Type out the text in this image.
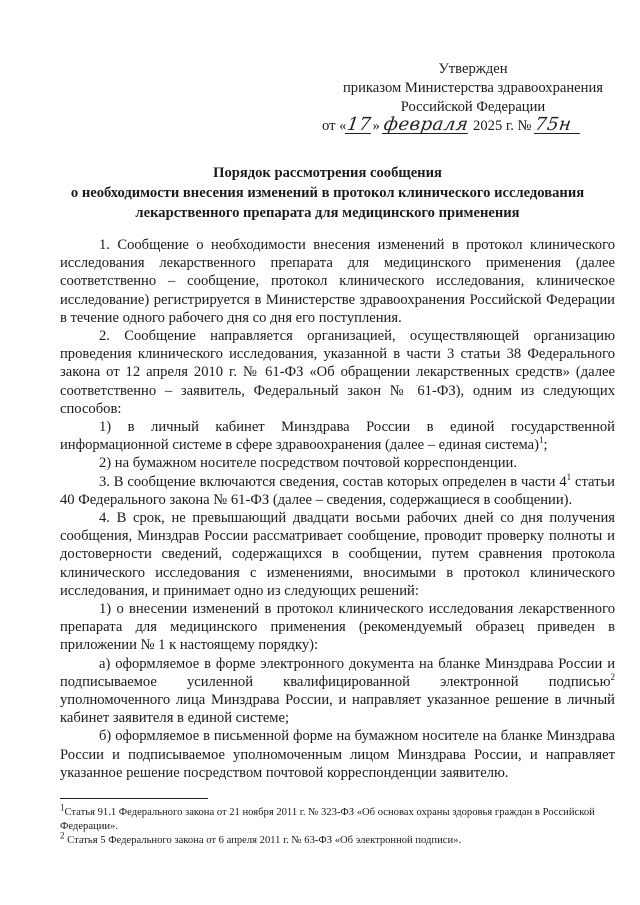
Утвержден
приказом Министерства здравоохранения
Российской Федерации
от «17» февраля 2025 г. № 75н
Порядок рассмотрения сообщения
о необходимости внесения изменений в протокол клинического исследования
лекарственного препарата для медицинского применения

1. Сообщение о необходимости внесения изменений в протокол клинического исследования лекарственного препарата для медицинского применения (далее соответственно – сообщение, протокол клинического исследования, клиническое исследование) регистрируется в Министерстве здравоохранения Российской Федерации в течение одного рабочего дня со дня его поступления.

2. Сообщение направляется организацией, осуществляющей организацию проведения клинического исследования, указанной в части 3 статьи 38 Федерального закона от 12 апреля 2010 г. № 61-ФЗ «Об обращении лекарственных средств» (далее соответственно – заявитель, Федеральный закон № 61-ФЗ), одним из следующих способов:

1) в личный кабинет Минздрава России в единой государственной информационной системе в сфере здравоохранения (далее – единая система)$^1$;

2) на бумажном носителе посредством почтовой корреспонденции.

3. В сообщение включаются сведения, состав которых определен в части $4^1$ статьи 40 Федерального закона № 61-ФЗ (далее – сведения, содержащиеся в сообщении).

4. В срок, не превышающий двадцати восьми рабочих дней со дня получения сообщения, Минздрав России рассматривает сообщение, проводит проверку полноты и достоверности сведений, содержащихся в сообщении, путем сравнения протокола клинического исследования с изменениями, вносимыми в протокол клинического исследования, и принимает одно из следующих решений:

1) о внесении изменений в протокол клинического исследования лекарственного препарата для медицинского применения (рекомендуемый образец приведен в приложении № 1 к настоящему порядку):

а) оформляемое в форме электронного документа на бланке Минздрава России и подписываемое усиленной квалифицированной электронной подписью$^2$ уполномоченного лица Минздрава России, и направляет указанное решение в личный кабинет заявителя в единой системе;

б) оформляемое в письменной форме на бумажном носителе на бланке Минздрава России и подписываемое уполномоченным лицом Минздрава России, и направляет указанное решение посредством почтовой корреспонденции заявителю.

$^1$Статья 91.1 Федерального закона от 21 ноября 2011 г. № 323-ФЗ «Об основах охраны здоровья граждан в Российской Федерации».

$^2$ Статья 5 Федерального закона от 6 апреля 2011 г. № 63-ФЗ «Об электронной подписи».
